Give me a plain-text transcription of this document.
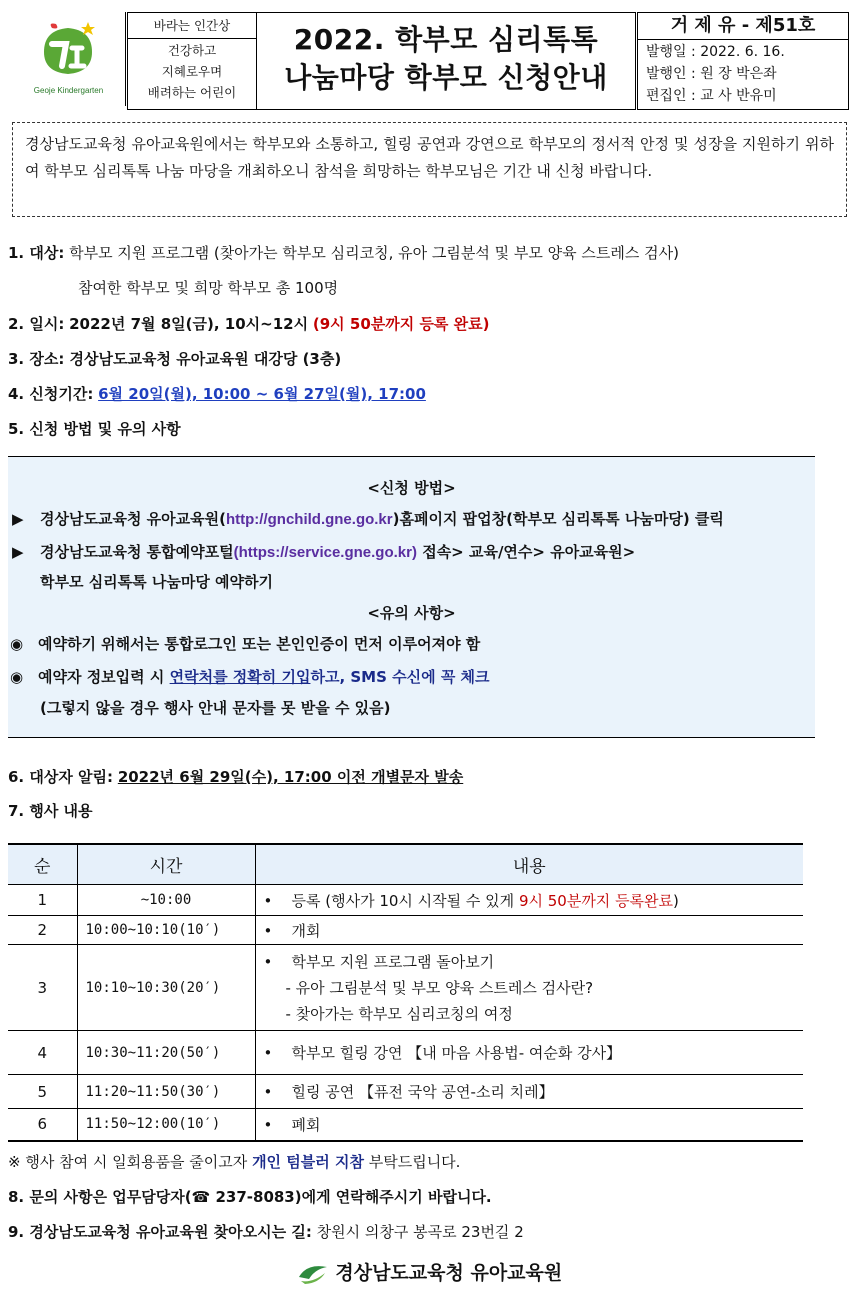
Geoje Kindergarten
바라는 인간상
건강하고
지혜로우며
배려하는 어린이
2022. 학부모 심리톡톡
나눔마당 학부모 신청안내
거 제 유 - 제51호
발행일 : 2022. 6. 16.
발행인 : 원 장 박은좌
편집인 : 교 사 반유미
경상남도교육청 유아교육원에서는 학부모와 소통하고, 힐링 공연과 강연으로 학부모의 정서적 안정 및 성장을 지원하기 위하여 학부모 심리톡톡 나눔 마당을 개최하오니 참석을 희망하는 학부모님은 기간 내 신청 바랍니다.
1. 대상: 학부모 지원 프로그램 (찾아가는 학부모 심리코칭, 유아 그림분석 및 부모 양육 스트레스 검사)
참여한 학부모 및 희망 학부모 총 100명
2. 일시: 2022년 7월 8일(금), 10시~12시 (9시 50분까지 등록 완료)
3. 장소: 경상남도교육청 유아교육원 대강당 (3층)
4. 신청기간: 6월 20일(월), 10:00 ~ 6월 27일(월), 17:00
5. 신청 방법 및 유의 사항
<신청 방법>
▶ 경상남도교육청 유아교육원(http://gnchild.gne.go.kr)홈페이지 팝업창(학부모 심리톡톡 나눔마당) 클릭
▶ 경상남도교육청 통합예약포털(https://service.gne.go.kr) 접속> 교육/연수> 유아교육원>
학부모 심리톡톡 나눔마당 예약하기
<유의 사항>
◉ 예약하기 위해서는 통합로그인 또는 본인인증이 먼저 이루어져야 함
◉ 예약자 정보입력 시 연락처를 정확히 기입하고, SMS 수신에 꼭 체크
(그렇지 않을 경우 행사 안내 문자를 못 받을 수 있음)
6. 대상자 알림: 2022년 6월 29일(수), 17:00 이전 개별문자 발송
7. 행사 내용
순	시간	내용
1	~10:00	• 등록 (행사가 10시 시작될 수 있게 9시 50분까지 등록완료)
2	10:00~10:10(10′)	• 개회
3	10:10~10:30(20′)	• 학부모 지원 프로그램 돌아보기
- 유아 그림분석 및 부모 양육 스트레스 검사란?
- 찾아가는 학부모 심리코칭의 여정

4	10:30~11:20(50′)	• 학부모 힐링 강연 【내 마음 사용법- 여순화 강사】
5	11:20~11:50(30′)	• 힐링 공연 【퓨전 국악 공연-소리 치레】
6	11:50~12:00(10′)	• 폐회
※ 행사 참여 시 일회용품을 줄이고자 개인 텀블러 지참 부탁드립니다.
8. 문의 사항은 업무담당자(☎ 237-8083)에게 연락해주시기 바랍니다.
9. 경상남도교육청 유아교육원 찾아오시는 길: 창원시 의창구 봉곡로 23번길 2
경상남도교육청 유아교육원
